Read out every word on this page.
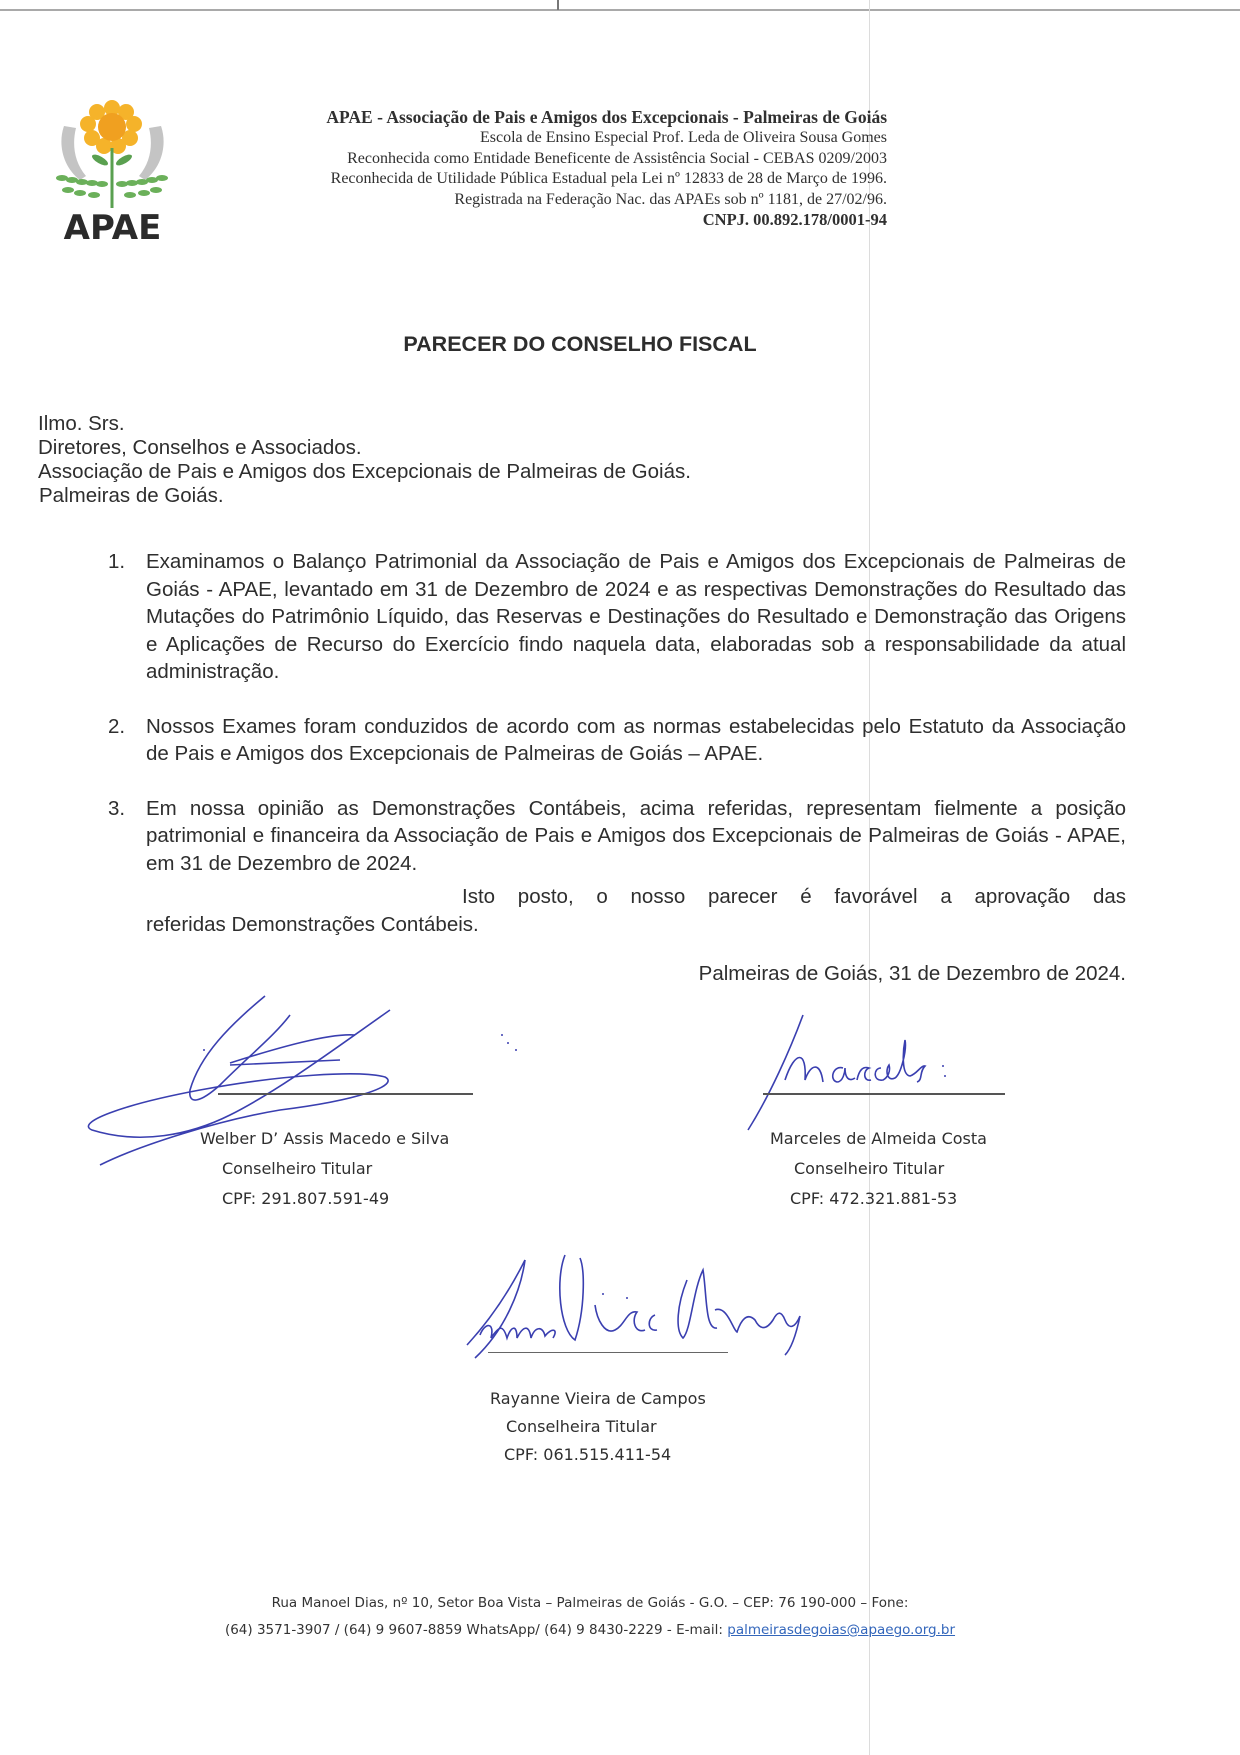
APAE
APAE - Associação de Pais e Amigos dos Excepcionais - Palmeiras de Goiás
Escola de Ensino Especial Prof. Leda de Oliveira Sousa Gomes
Reconhecida como Entidade Beneficente de Assistência Social - CEBAS 0209/2003
Reconhecida de Utilidade Pública Estadual pela Lei nº 12833 de 28 de Março de 1996.
Registrada na Federação Nac. das APAEs sob nº 1181, de 27/02/96.
CNPJ. 00.892.178/0001-94
PARECER DO CONSELHO FISCAL
Ilmo. Srs.
Diretores, Conselhos e Associados.
Associação de Pais e Amigos dos Excepcionais de Palmeiras de Goiás.
Palmeiras de Goiás.
1.	Examinamos o Balanço Patrimonial da Associação de Pais e Amigos dos Excepcionais de Palmeiras de Goiás - APAE, levantado em 31 de Dezembro de 2024 e as respectivas Demonstrações do Resultado das Mutações do Patrimônio Líquido, das Reservas e Destinações do Resultado e Demonstração das Origens e Aplicações de Recurso do Exercício findo naquela data, elaboradas sob a responsabilidade da atual administração.
2.	Nossos Exames foram conduzidos de acordo com as normas estabelecidas pelo Estatuto da Associação de Pais e Amigos dos Excepcionais de Palmeiras de Goiás – APAE.
3.	Em nossa opinião as Demonstrações Contábeis, acima referidas, representam fielmente a posição patrimonial e financeira da Associação de Pais e Amigos dos Excepcionais de Palmeiras de Goiás - APAE, em 31 de Dezembro de 2024.
Isto posto, o nosso parecer é favorável a aprovação das
referidas Demonstrações Contábeis.
Palmeiras de Goiás, 31 de Dezembro de 2024.
Welber D’ Assis Macedo e Silva
Conselheiro Titular
CPF: 291.807.591-49
Marceles de Almeida Costa
Conselheiro Titular
CPF: 472.321.881-53
Rayanne Vieira de Campos
Conselheira Titular
CPF: 061.515.411-54
Rua Manoel Dias, nº 10, Setor Boa Vista – Palmeiras de Goiás - G.O. – CEP: 76 190-000 – Fone:
(64) 3571-3907 / (64) 9 9607-8859 WhatsApp/ (64) 9 8430-2229 - E-mail: palmeirasdegoias@apaego.org.br
